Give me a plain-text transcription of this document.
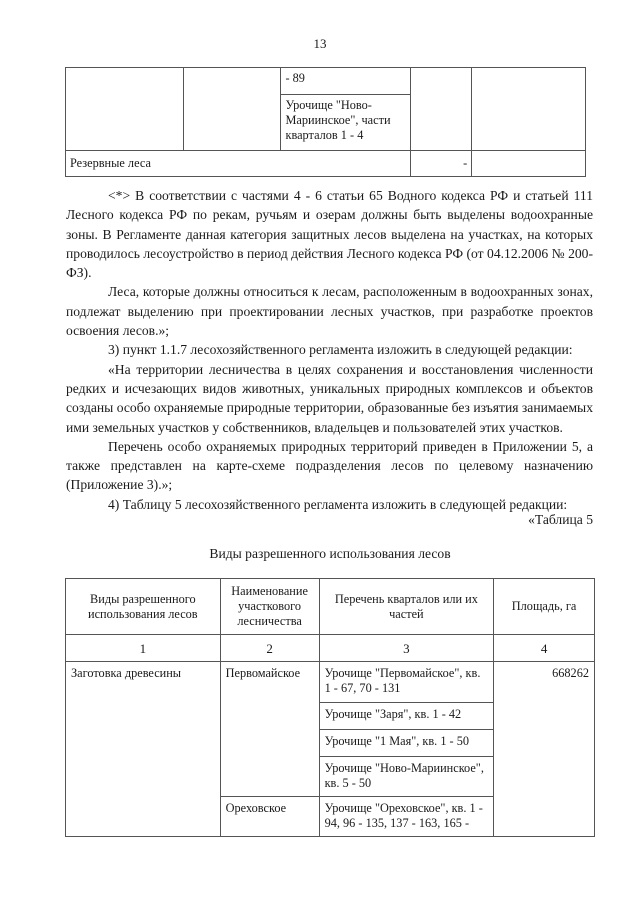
13
		- 89		
		Урочище "Ново-Мариинское", части кварталов 1 - 4		
Резервные леса			-	

<*> В соответствии с частями 4 - 6 статьи 65 Водного кодекса РФ и статьей 111 Лесного кодекса РФ по рекам, ручьям и озерам должны быть выделены водоохранные зоны. В Регламенте данная категория защитных лесов выделена на участках, на которых проводилось лесоустройство в период действия Лесного кодекса РФ (от 04.12.2006 № 200-ФЗ).

Леса, которые должны относиться к лесам, расположенным в водоохранных зонах, подлежат выделению при проектировании лесных участков, при разработке проектов освоения лесов.»;

3) пункт 1.1.7 лесохозяйственного регламента изложить в следующей редакции:

«На территории лесничества в целях сохранения и восстановления численности редких и исчезающих видов животных, уникальных природных комплексов и объектов созданы особо охраняемые природные территории, образованные без изъятия занимаемых ими земельных участков у собственников, владельцев и пользователей этих участков.

Перечень особо охраняемых природных территорий приведен в Приложении 5, а также представлен на карте-схеме подразделения лесов по целевому назначению (Приложение 3).»;

4) Таблицу 5 лесохозяйственного регламента изложить в следующей редакции:

«Таблица 5
Виды разрешенного использования лесов
Виды разрешенного использования лесов	Наименование участкового лесничества	Перечень кварталов или их частей	Площадь, га
1	2	3	4
Заготовка древесины	Первомайское	Урочище "Первомайское", кв. 1 - 67, 70 - 131	668262
		Урочище "Заря", кв. 1 - 42	
		Урочище "1 Мая", кв. 1 - 50	
		Урочище "Ново-Мариинское", кв. 5 - 50	
	Ореховское	Урочище "Ореховское", кв. 1 - 94, 96 - 135, 137 - 163, 165 -	
